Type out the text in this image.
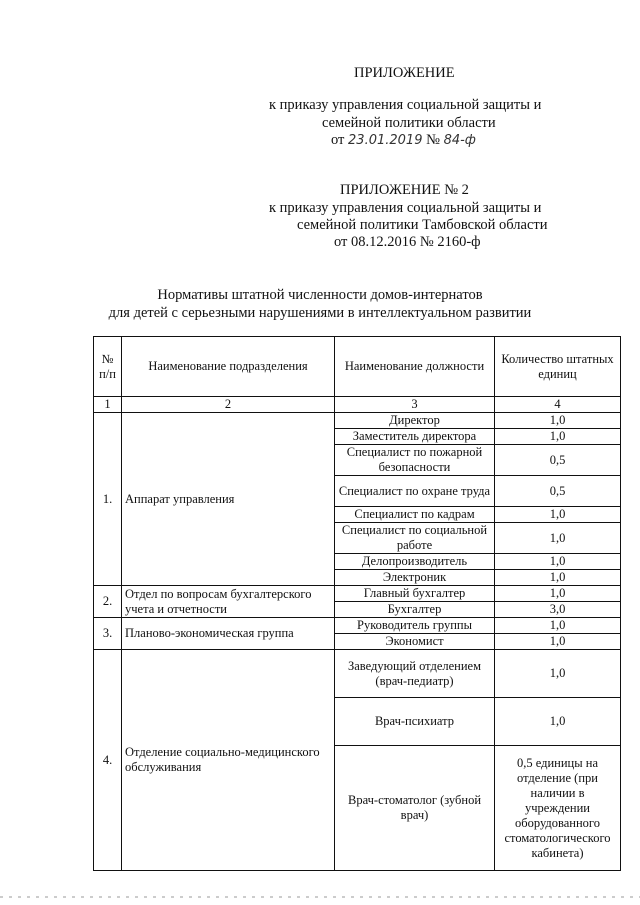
ПРИЛОЖЕНИЕ
к приказу управления социальной защиты и
семейной политики области
от 23.01.2019 № 84-ф
ПРИЛОЖЕНИЕ № 2
к приказу управления социальной защиты и
семейной политики Тамбовской области
от 08.12.2016 № 2160-ф
Нормативы штатной численности домов-интернатов
для детей с серьезными нарушениями в интеллектуальном развитии
№ п/п	Наименование подразделения	Наименование должности	Количество штатных единиц
1	2	3	4
1.	Аппарат управления	Директор	1,0
		Заместитель директора	1,0
		Специалист по пожарной безопасности	0,5
		Специалист по охране труда	0,5
		Специалист по кадрам	1,0
		Специалист по социальной работе	1,0
		Делопроизводитель	1,0
		Электроник	1,0
2.	Отдел по вопросам бухгалтерского учета и отчетности	Главный бухгалтер	1,0
		Бухгалтер	3,0
3.	Планово-экономическая группа	Руководитель группы	1,0
		Экономист	1,0
4.	Отделение социально-медицинского обслуживания	Заведующий отделением (врач-педиатр)	1,0
		Врач-психиатр	1,0
		Врач-стоматолог (зубной врач)	0,5 единицы на отделение (при наличии в учреждении оборудованного стоматологического кабинета)
